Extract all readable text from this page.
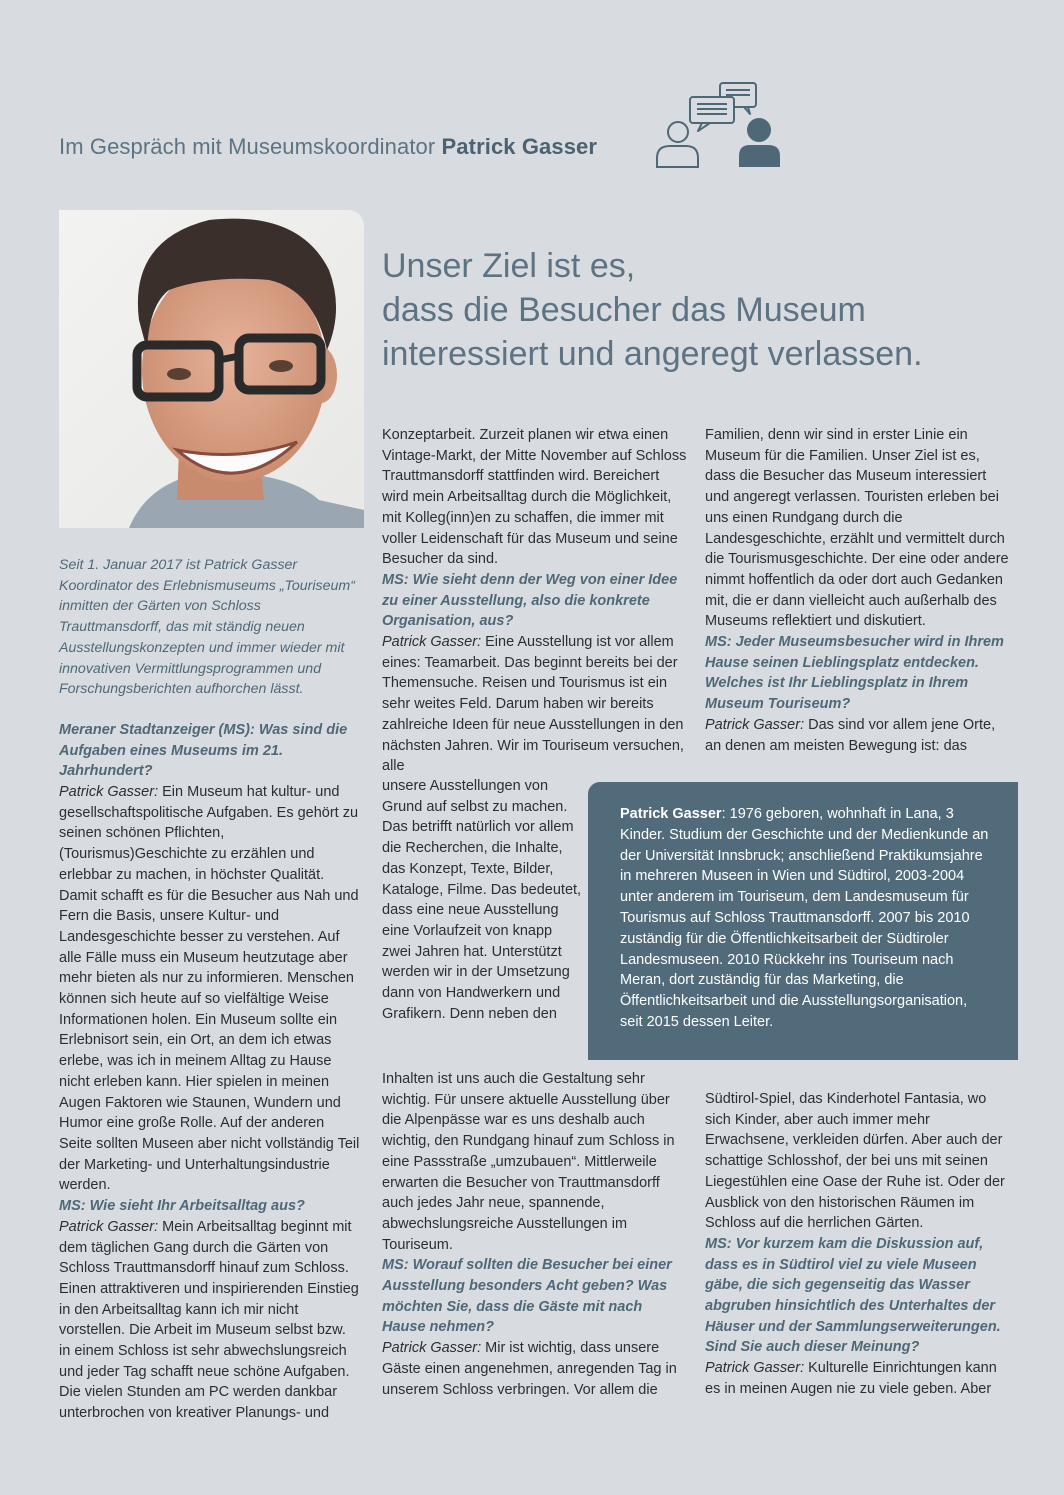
Im Gespräch mit Museumskoordinator Patrick Gasser
Unser Ziel ist es,
dass die Besucher das Museum
interessiert und angeregt verlassen.

Seit 1. Januar 2017 ist Patrick Gasser Koordinator des Erlebnismuseums „Touriseum“ inmitten der Gärten von Schloss Trauttmansdorff, das mit ständig neuen Ausstellungskonzepten und immer wieder mit innovativen Vermittlungsprogrammen und Forschungsberichten aufhorchen lässt.

Meraner Stadtanzeiger (MS): Was sind die Aufgaben eines Museums im 21. Jahrhundert?

Patrick Gasser: Ein Museum hat kultur- und gesellschaftspolitische Aufgaben. Es gehört zu seinen schönen Pflichten, (Tourismus)Geschichte zu erzählen und erlebbar zu machen, in höchster Qualität. Damit schafft es für die Besucher aus Nah und Fern die Basis, unsere Kultur- und Landesgeschichte besser zu verstehen. Auf alle Fälle muss ein Museum heutzutage aber mehr bieten als nur zu informieren. Menschen können sich heute auf so vielfältige Weise Informationen holen. Ein Museum sollte ein Erlebnisort sein, ein Ort, an dem ich etwas erlebe, was ich in meinem Alltag zu Hause nicht erleben kann. Hier spielen in meinen Augen Faktoren wie Staunen, Wundern und Humor eine große Rolle. Auf der anderen Seite sollten Museen aber nicht vollständig Teil der Marketing- und Unterhaltungsindustrie werden.

MS: Wie sieht Ihr Arbeitsalltag aus?

Patrick Gasser: Mein Arbeitsalltag beginnt mit dem täglichen Gang durch die Gärten von Schloss Trauttmansdorff hinauf zum Schloss. Einen attraktiveren und inspirierenden Einstieg in den Arbeitsalltag kann ich mir nicht vorstellen. Die Arbeit im Museum selbst bzw. in einem Schloss ist sehr abwechslungsreich und jeder Tag schafft neue schöne Aufgaben. Die vielen Stunden am PC werden dankbar unterbrochen von kreativer Planungs- und

Konzeptarbeit. Zurzeit planen wir etwa einen Vintage-Markt, der Mitte November auf Schloss Trauttmansdorff stattfinden wird. Bereichert wird mein Arbeitsalltag durch die Möglichkeit, mit Kolleg(inn)en zu schaffen, die immer mit voller Leidenschaft für das Museum und seine Besucher da sind.

MS: Wie sieht denn der Weg von einer Idee zu einer Ausstellung, also die konkrete Organisation, aus?

Patrick Gasser: Eine Ausstellung ist vor allem eines: Teamarbeit. Das beginnt bereits bei der Themensuche. Reisen und Tourismus ist ein sehr weites Feld. Darum haben wir bereits zahlreiche Ideen für neue Ausstellungen in den nächsten Jahren. Wir im Touriseum versuchen, alle

unsere Ausstellungen von Grund auf selbst zu machen. Das betrifft natürlich vor allem die Recherchen, die Inhalte, das Konzept, Texte, Bilder, Kataloge, Filme. Das bedeutet, dass eine neue Ausstellung eine Vorlaufzeit von knapp zwei Jahren hat. Unterstützt werden wir in der Umsetzung dann von Handwerkern und Grafikern. Denn neben den

Inhalten ist uns auch die Gestaltung sehr wichtig. Für unsere aktuelle Ausstellung über die Alpenpässe war es uns deshalb auch wichtig, den Rundgang hinauf zum Schloss in eine Passstraße „umzubauen“. Mittlerweile erwarten die Besucher von Trauttmansdorff auch jedes Jahr neue, spannende, abwechslungsreiche Ausstellungen im Touriseum.

MS: Worauf sollten die Besucher bei einer Ausstellung besonders Acht geben? Was möchten Sie, dass die Gäste mit nach Hause nehmen?

Patrick Gasser: Mir ist wichtig, dass unsere Gäste einen angenehmen, anregenden Tag in unserem Schloss verbringen. Vor allem die

Familien, denn wir sind in erster Linie ein Museum für die Familien. Unser Ziel ist es, dass die Besucher das Museum interessiert und angeregt verlassen. Touristen erleben bei uns einen Rundgang durch die Landesgeschichte, erzählt und vermittelt durch die Tourismusgeschichte. Der eine oder andere nimmt hoffentlich da oder dort auch Gedanken mit, die er dann vielleicht auch außerhalb des Museums reflektiert und diskutiert.

MS: Jeder Museumsbesucher wird in Ihrem Hause seinen Lieblingsplatz entdecken. Welches ist Ihr Lieblingsplatz in Ihrem Museum Touriseum?

Patrick Gasser: Das sind vor allem jene Orte, an denen am meisten Bewegung ist: das

Patrick Gasser: 1976 geboren, wohnhaft in Lana, 3 Kinder. Studium der Geschichte und der Medienkunde an der Universität Innsbruck; anschließend Praktikumsjahre in mehreren Museen in Wien und Südtirol, 2003-2004 unter anderem im Touriseum, dem Landesmuseum für Tourismus auf Schloss Trauttmansdorff. 2007 bis 2010 zuständig für die Öffentlichkeitsarbeit der Südtiroler Landesmuseen. 2010 Rückkehr ins Touriseum nach Meran, dort zuständig für das Marketing, die Öffentlichkeitsarbeit und die Ausstellungsorganisation, seit 2015 dessen Leiter.

Südtirol-Spiel, das Kinderhotel Fantasia, wo sich Kinder, aber auch immer mehr Erwachsene, verkleiden dürfen. Aber auch der schattige Schlosshof, der bei uns mit seinen Liegestühlen eine Oase der Ruhe ist. Oder der Ausblick von den historischen Räumen im Schloss auf die herrlichen Gärten.

MS: Vor kurzem kam die Diskussion auf, dass es in Südtirol viel zu viele Museen gäbe, die sich gegenseitig das Wasser abgruben hinsichtlich des Unterhaltes der Häuser und der Sammlungserweiterungen. Sind Sie auch dieser Meinung?

Patrick Gasser: Kulturelle Einrichtungen kann es in meinen Augen nie zu viele geben. Aber
